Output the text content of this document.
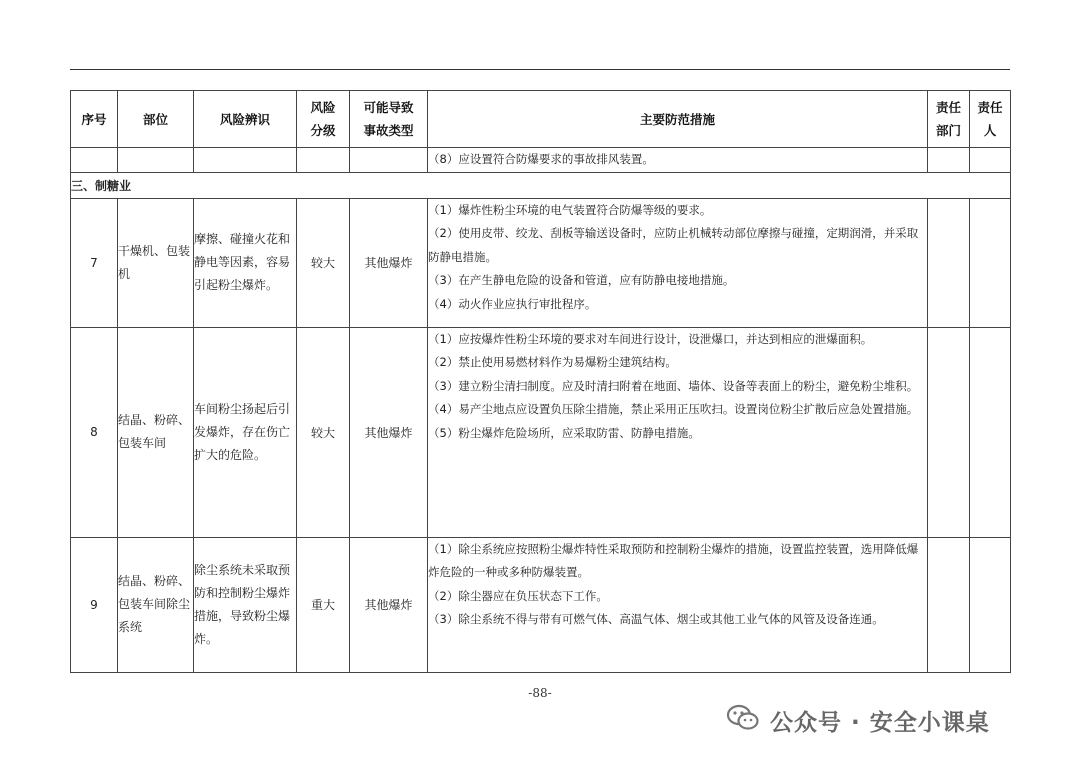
序号	部位	风险辨识	风险分级	可能导致事故类型	主要防范措施	责任部门	责任人

					（8）应设置符合防爆要求的事故排风装置。		

三、制糖业							
7	干燥机、包装机	摩擦、碰撞火花和静电等因素，容易引起粉尘爆炸。	较大	其他爆炸	（1）爆炸性粉尘环境的电气装置符合防爆等级的要求。

（2）使用皮带、绞龙、刮板等输送设备时，应防止机械转动部位摩擦与碰撞，定期润滑，并采取防静电措施。

（3）在产生静电危险的设备和管道，应有防静电接地措施。

（4）动火作业应执行审批程序。		

8	结晶、粉碎、包装车间	车间粉尘扬起后引发爆炸，存在伤亡扩大的危险。	较大	其他爆炸	（1）应按爆炸性粉尘环境的要求对车间进行设计，设泄爆口，并达到相应的泄爆面积。

（2）禁止使用易燃材料作为易爆粉尘建筑结构。

（3）建立粉尘清扫制度。应及时清扫附着在地面、墙体、设备等表面上的粉尘，避免粉尘堆积。

（4）易产尘地点应设置负压除尘措施，禁止采用正压吹扫。设置岗位粉尘扩散后应急处置措施。

（5）粉尘爆炸危险场所，应采取防雷、防静电措施。		

9	结晶、粉碎、包装车间除尘系统	除尘系统未采取预防和控制粉尘爆炸措施，导致粉尘爆炸。	重大	其他爆炸	（1）除尘系统应按照粉尘爆炸特性采取预防和控制粉尘爆炸的措施，设置监控装置，选用降低爆炸危险的一种或多种防爆装置。

（2）除尘器应在负压状态下工作。

（3）除尘系统不得与带有可燃气体、高温气体、烟尘或其他工业气体的风管及设备连通。		

-88-
公众号 · 安全小课桌
